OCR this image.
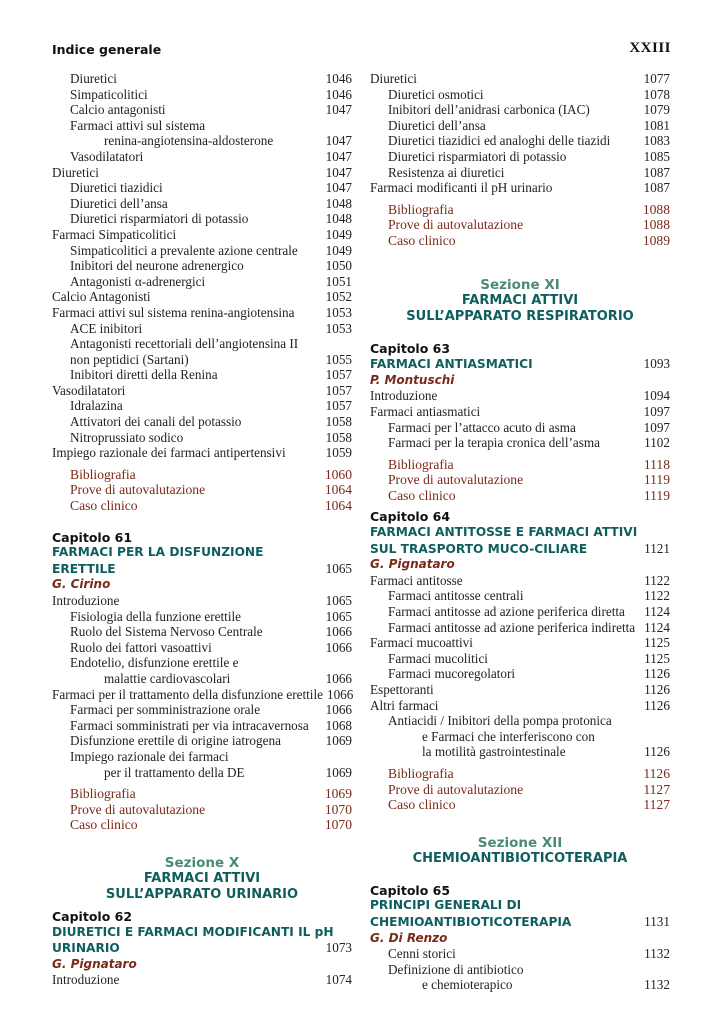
Indice generale	XXIII
Diuretici	1046
Simpaticolitici	1046
Calcio antagonisti	1047
Farmaci attivi sul sistema
renina-angiotensina-aldosterone	1047
Vasodilatatori	1047
Diuretici	1047
Diuretici tiazidici	1047
Diuretici dell’ansa	1048
Diuretici risparmiatori di potassio	1048
Farmaci Simpaticolitici	1049
Simpaticolitici a prevalente azione centrale	1049
Inibitori del neurone adrenergico	1050
Antagonisti α-adrenergici	1051
Calcio Antagonisti	1052
Farmaci attivi sul sistema renina-angiotensina	1053
ACE inibitori	1053
Antagonisti recettoriali dell’angiotensina II
non peptidici (Sartani)	1055
Inibitori diretti della Renina	1057
Vasodilatatori	1057
Idralazina	1057
Attivatori dei canali del potassio	1058
Nitroprussiato sodico	1058
Impiego razionale dei farmaci antipertensivi	1059
Bibliografia	1060
Prove di autovalutazione	1064
Caso clinico	1064
Capitolo 61
FARMACI PER LA DISFUNZIONE
ERETTILE	1065
G. Cirino
Introduzione	1065
Fisiologia della funzione erettile	1065
Ruolo del Sistema Nervoso Centrale	1066
Ruolo dei fattori vasoattivi	1066
Endotelio, disfunzione erettile e
malattie cardiovascolari	1066
Farmaci per il trattamento della disfunzione erettile 1066
Farmaci per somministrazione orale	1066
Farmaci somministrati per via intracavernosa	1068
Disfunzione erettile di origine iatrogena	1069
Impiego razionale dei farmaci
per il trattamento della DE	1069
Bibliografia	1069
Prove di autovalutazione	1070
Caso clinico	1070
Sezione X
FARMACI ATTIVI
SULL’APPARATO URINARIO
Capitolo 62
DIURETICI E FARMACI MODIFICANTI IL pH
URINARIO	1073
G. Pignataro
Introduzione	1074
Diuretici	1077
Diuretici osmotici	1078
Inibitori dell’anidrasi carbonica (IAC)	1079
Diuretici dell’ansa	1081
Diuretici tiazidici ed analoghi delle tiazidi	1083
Diuretici risparmiatori di potassio	1085
Resistenza ai diuretici	1087
Farmaci modificanti il pH urinario	1087
Bibliografia	1088
Prove di autovalutazione	1088
Caso clinico	1089
Sezione XI
FARMACI ATTIVI
SULL’APPARATO RESPIRATORIO
Capitolo 63
FARMACI ANTIASMATICI	1093
P. Montuschi
Introduzione	1094
Farmaci antiasmatici	1097
Farmaci per l’attacco acuto di asma	1097
Farmaci per la terapia cronica dell’asma	1102
Bibliografia	1118
Prove di autovalutazione	1119
Caso clinico	1119
Capitolo 64
FARMACI ANTITOSSE E FARMACI ATTIVI
SUL TRASPORTO MUCO-CILIARE	1121
G. Pignataro
Farmaci antitosse	1122
Farmaci antitosse centrali	1122
Farmaci antitosse ad azione periferica diretta	1124
Farmaci antitosse ad azione periferica indiretta 1124
Farmaci mucoattivi	1125
Farmaci mucolitici	1125
Farmaci mucoregolatori	1126
Espettoranti	1126
Altri farmaci	1126
Antiacidi / Inibitori della pompa protonica
e Farmaci che interferiscono con
la motilità gastrointestinale	1126
Bibliografia	1126
Prove di autovalutazione	1127
Caso clinico	1127
Sezione XII
CHEMIOANTIBIOTICOTERAPIA
Capitolo 65
PRINCIPI GENERALI DI
CHEMIOANTIBIOTICOTERAPIA	1131
G. Di Renzo
Cenni storici	1132
Definizione di antibiotico
e chemioterapico	1132
